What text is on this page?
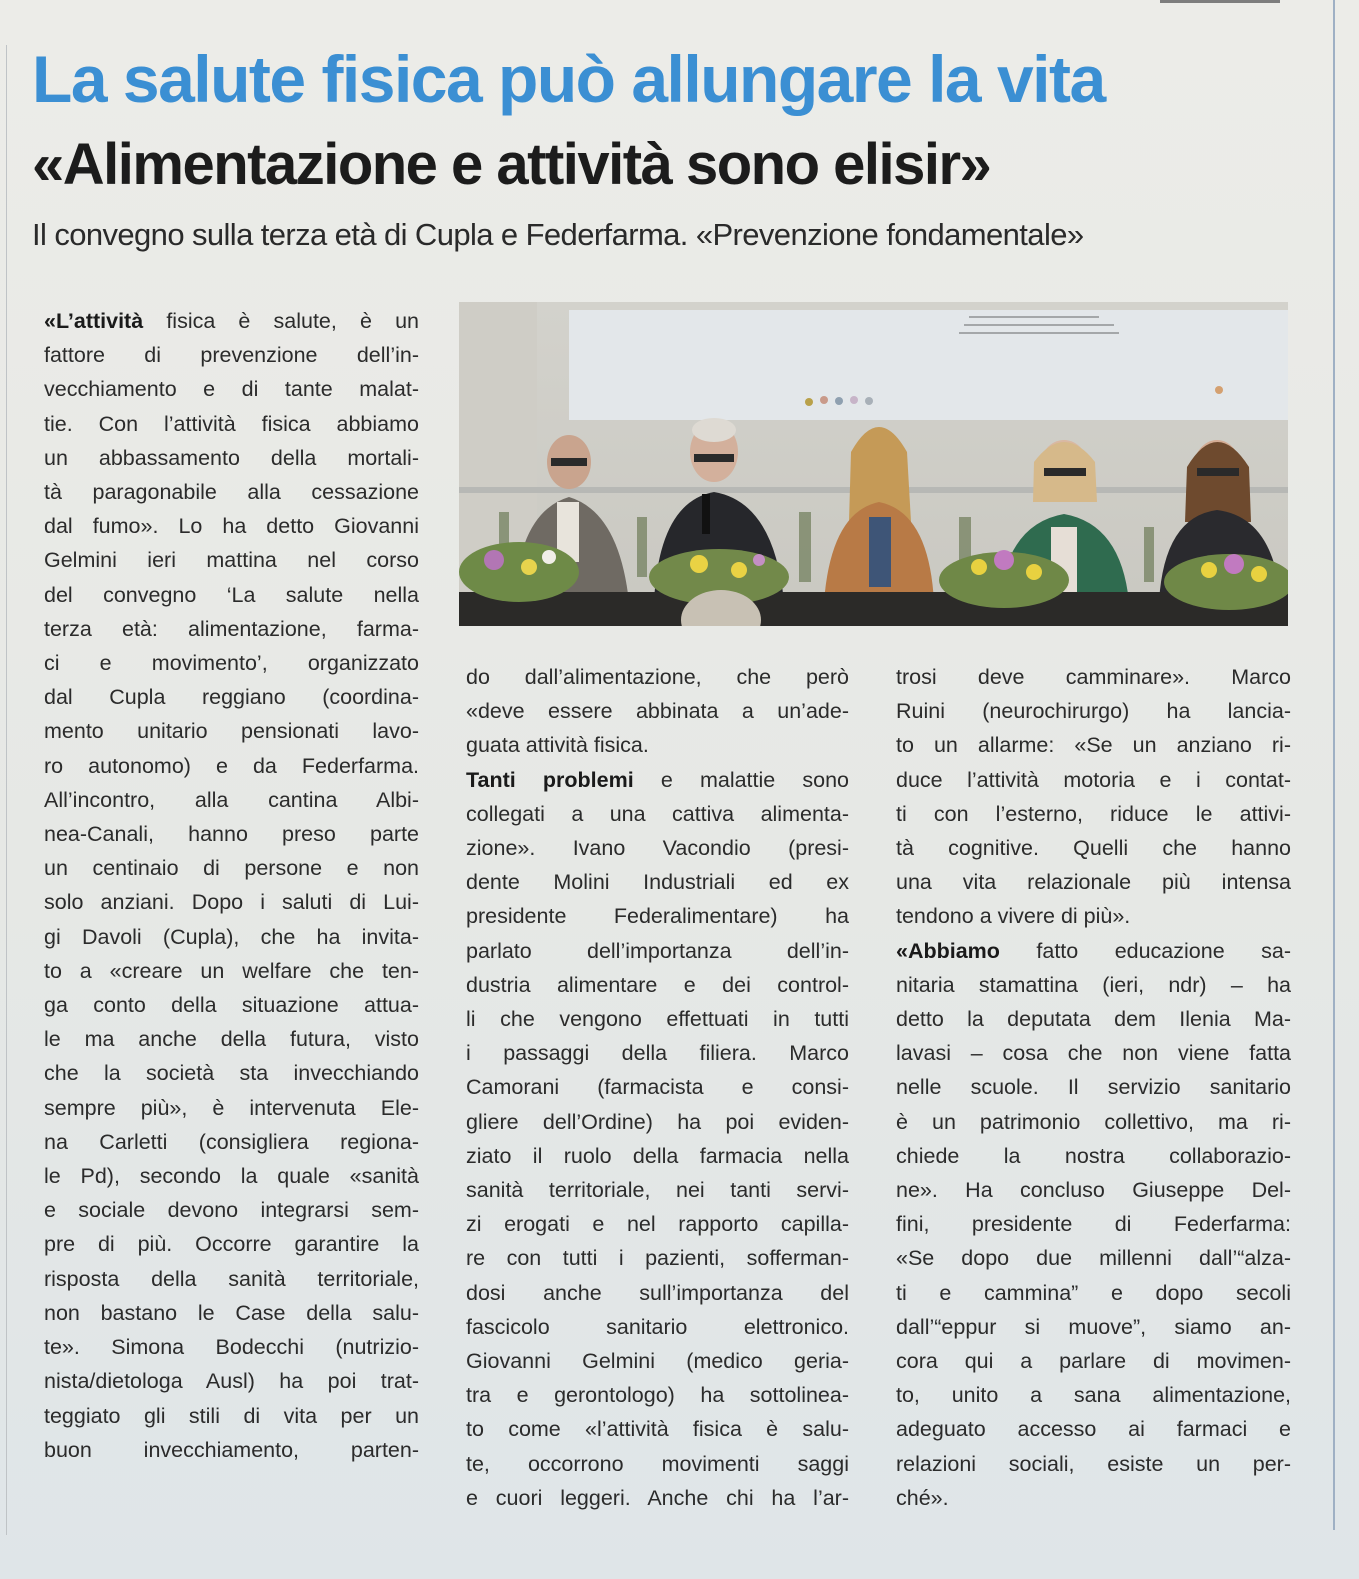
La salute fisica può allungare la vita
«Alimentazione e attività sono elisir»
Il convegno sulla terza età di Cupla e Federfarma. «Prevenzione fondamentale»
«L’attività fisica è salute, è un
fattore di prevenzione dell’in-
vecchiamento e di tante malat-
tie. Con l’attività fisica abbiamo
un abbassamento della mortali-
tà paragonabile alla cessazione
dal fumo». Lo ha detto Giovanni
Gelmini ieri mattina nel corso
del convegno ‘La salute nella
terza età: alimentazione, farma-
ci e movimento’, organizzato
dal Cupla reggiano (coordina-
mento unitario pensionati lavo-
ro autonomo) e da Federfarma.
All’incontro, alla cantina Albi-
nea-Canali, hanno preso parte
un centinaio di persone e non
solo anziani. Dopo i saluti di Lui-
gi Davoli (Cupla), che ha invita-
to a «creare un welfare che ten-
ga conto della situazione attua-
le ma anche della futura, visto
che la società sta invecchiando
sempre più», è intervenuta Ele-
na Carletti (consigliera regiona-
le Pd), secondo la quale «sanità
e sociale devono integrarsi sem-
pre di più. Occorre garantire la
risposta della sanità territoriale,
non bastano le Case della salu-
te». Simona Bodecchi (nutrizio-
nista/dietologa Ausl) ha poi trat-
teggiato gli stili di vita per un
buon invecchiamento, parten-
do dall’alimentazione, che però
«deve essere abbinata a un’ade-
guata attività fisica.
Tanti problemi e malattie sono
collegati a una cattiva alimenta-
zione». Ivano Vacondio (presi-
dente Molini Industriali ed ex
presidente Federalimentare) ha
parlato dell’importanza dell’in-
dustria alimentare e dei control-
li che vengono effettuati in tutti
i passaggi della filiera. Marco
Camorani (farmacista e consi-
gliere dell’Ordine) ha poi eviden-
ziato il ruolo della farmacia nella
sanità territoriale, nei tanti servi-
zi erogati e nel rapporto capilla-
re con tutti i pazienti, sofferman-
dosi anche sull’importanza del
fascicolo sanitario elettronico.
Giovanni Gelmini (medico geria-
tra e gerontologo) ha sottolinea-
to come «l’attività fisica è salu-
te, occorrono movimenti saggi
e cuori leggeri. Anche chi ha l’ar-
trosi deve camminare». Marco
Ruini (neurochirurgo) ha lancia-
to un allarme: «Se un anziano ri-
duce l’attività motoria e i contat-
ti con l’esterno, riduce le attivi-
tà cognitive. Quelli che hanno
una vita relazionale più intensa
tendono a vivere di più».
«Abbiamo fatto educazione sa-
nitaria stamattina (ieri, ndr) – ha
detto la deputata dem Ilenia Ma-
lavasi – cosa che non viene fatta
nelle scuole. Il servizio sanitario
è un patrimonio collettivo, ma ri-
chiede la nostra collaborazio-
ne». Ha concluso Giuseppe Del-
fini, presidente di Federfarma:
«Se dopo due millenni dall’“alza-
ti e cammina” e dopo secoli
dall’“eppur si muove”, siamo an-
cora qui a parlare di movimen-
to, unito a sana alimentazione,
adeguato accesso ai farmaci e
relazioni sociali, esiste un per-
ché».
